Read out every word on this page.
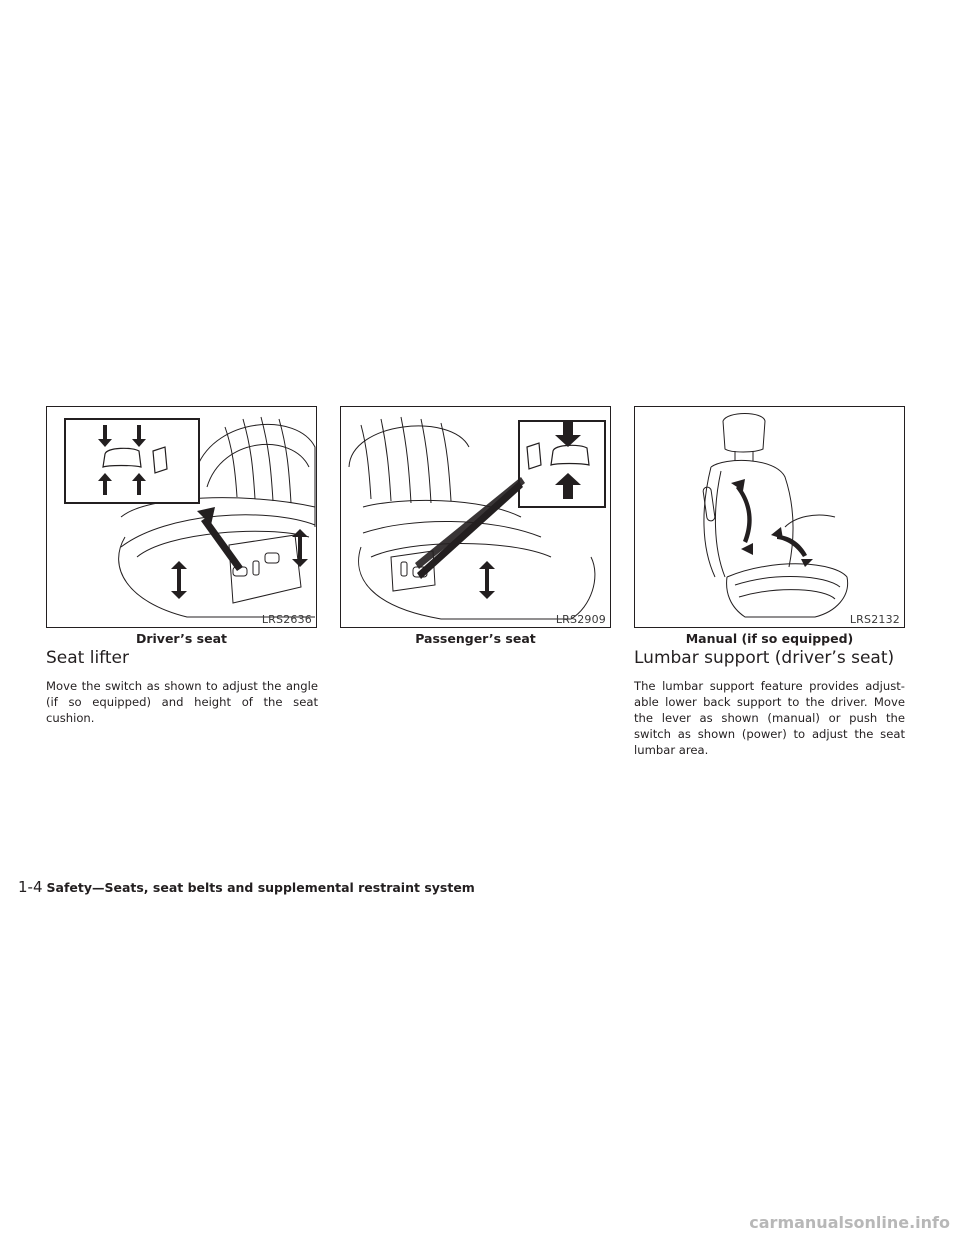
LRS2636
Driver’s seat
LRS2909
Passenger’s seat
LRS2132
Manual (if so equipped)
Seat lifter

Move the switch as shown to adjust the angle (if so equipped) and height of the seat cushion.

Lumbar support (driver’s seat)

The lumbar support feature provides adjust-able lower back support to the driver. Move the lever as shown (manual) or push the switch as shown (power) to adjust the seat lumbar area.

1-4 Safety—Seats, seat belts and supplemental restraint system
carmanualsonline.info
